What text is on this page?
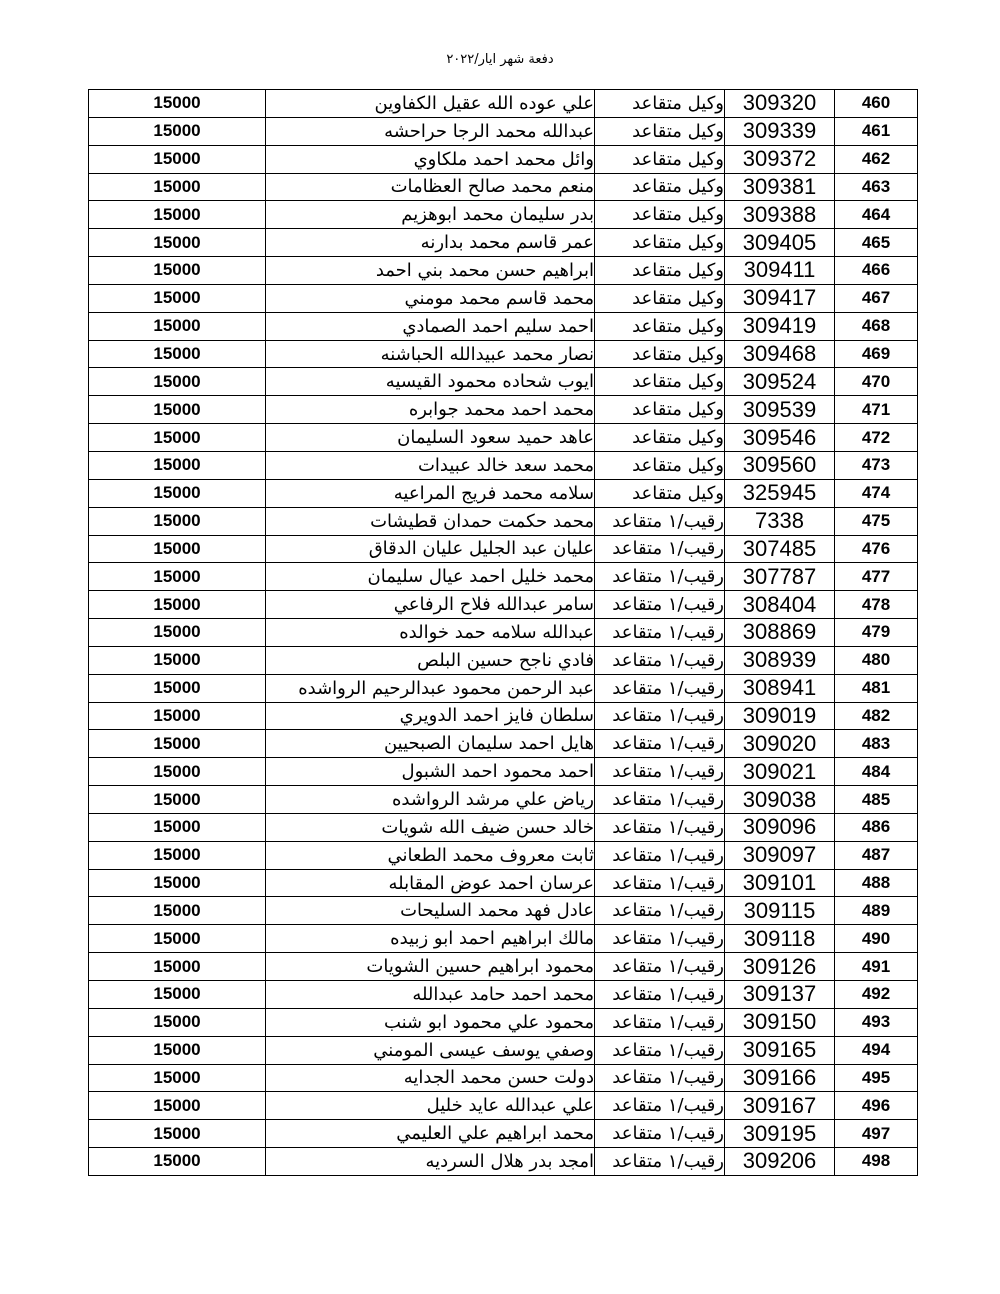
دفعة شهر ايار/٢٠٢٢
460	309320	وكيل متقاعد	علي عوده الله عقيل الكفاوين	15000
461	309339	وكيل متقاعد	عبدالله محمد الرجا حراحشه	15000
462	309372	وكيل متقاعد	وائل محمد احمد ملكاوي	15000
463	309381	وكيل متقاعد	منعم محمد صالح العظامات	15000
464	309388	وكيل متقاعد	بدر سليمان محمد ابوهزيم	15000
465	309405	وكيل متقاعد	عمر قاسم محمد بدارنه	15000
466	309411	وكيل متقاعد	ابراهيم حسن محمد بني احمد	15000
467	309417	وكيل متقاعد	محمد قاسم محمد مومني	15000
468	309419	وكيل متقاعد	احمد سليم احمد الصمادي	15000
469	309468	وكيل متقاعد	نصار محمد عبيدالله الحباشنه	15000
470	309524	وكيل متقاعد	ايوب شحاده محمود القيسيه	15000
471	309539	وكيل متقاعد	محمد احمد محمد جوابره	15000
472	309546	وكيل متقاعد	عاهد حميد سعود السليمان	15000
473	309560	وكيل متقاعد	محمد سعد خالد عبيدات	15000
474	325945	وكيل متقاعد	سلامه محمد فريج المراعيه	15000
475	7338	رقيب/١ متقاعد	محمد حكمت حمدان قطيشات	15000
476	307485	رقيب/١ متقاعد	عليان عبد الجليل عليان الدقاق	15000
477	307787	رقيب/١ متقاعد	محمد خليل احمد عيال سليمان	15000
478	308404	رقيب/١ متقاعد	سامر عبدالله فلاح الرفاعي	15000
479	308869	رقيب/١ متقاعد	عبدالله سلامه حمد خوالده	15000
480	308939	رقيب/١ متقاعد	فادي ناجح حسين البلص	15000
481	308941	رقيب/١ متقاعد	عبد الرحمن محمود عبدالرحيم الرواشده	15000
482	309019	رقيب/١ متقاعد	سلطان فايز احمد الدويري	15000
483	309020	رقيب/١ متقاعد	هايل احمد سليمان الصبحيين	15000
484	309021	رقيب/١ متقاعد	احمد محمود احمد الشبول	15000
485	309038	رقيب/١ متقاعد	رياض علي مرشد الرواشده	15000
486	309096	رقيب/١ متقاعد	خالد حسن ضيف الله شويات	15000
487	309097	رقيب/١ متقاعد	ثابت معروف محمد الطعاني	15000
488	309101	رقيب/١ متقاعد	عرسان احمد عوض المقابله	15000
489	309115	رقيب/١ متقاعد	عادل فهد محمد السليحات	15000
490	309118	رقيب/١ متقاعد	مالك ابراهيم احمد ابو زبيده	15000
491	309126	رقيب/١ متقاعد	محمود ابراهيم حسين الشويات	15000
492	309137	رقيب/١ متقاعد	محمد احمد حامد عبدالله	15000
493	309150	رقيب/١ متقاعد	محمود علي محمود ابو شنب	15000
494	309165	رقيب/١ متقاعد	وصفي يوسف عيسى المومني	15000
495	309166	رقيب/١ متقاعد	دولت حسن محمد الجدايه	15000
496	309167	رقيب/١ متقاعد	علي عبدالله عايد خليل	15000
497	309195	رقيب/١ متقاعد	محمد ابراهيم علي العليمي	15000
498	309206	رقيب/١ متقاعد	امجد بدر هلال السرديه	15000
